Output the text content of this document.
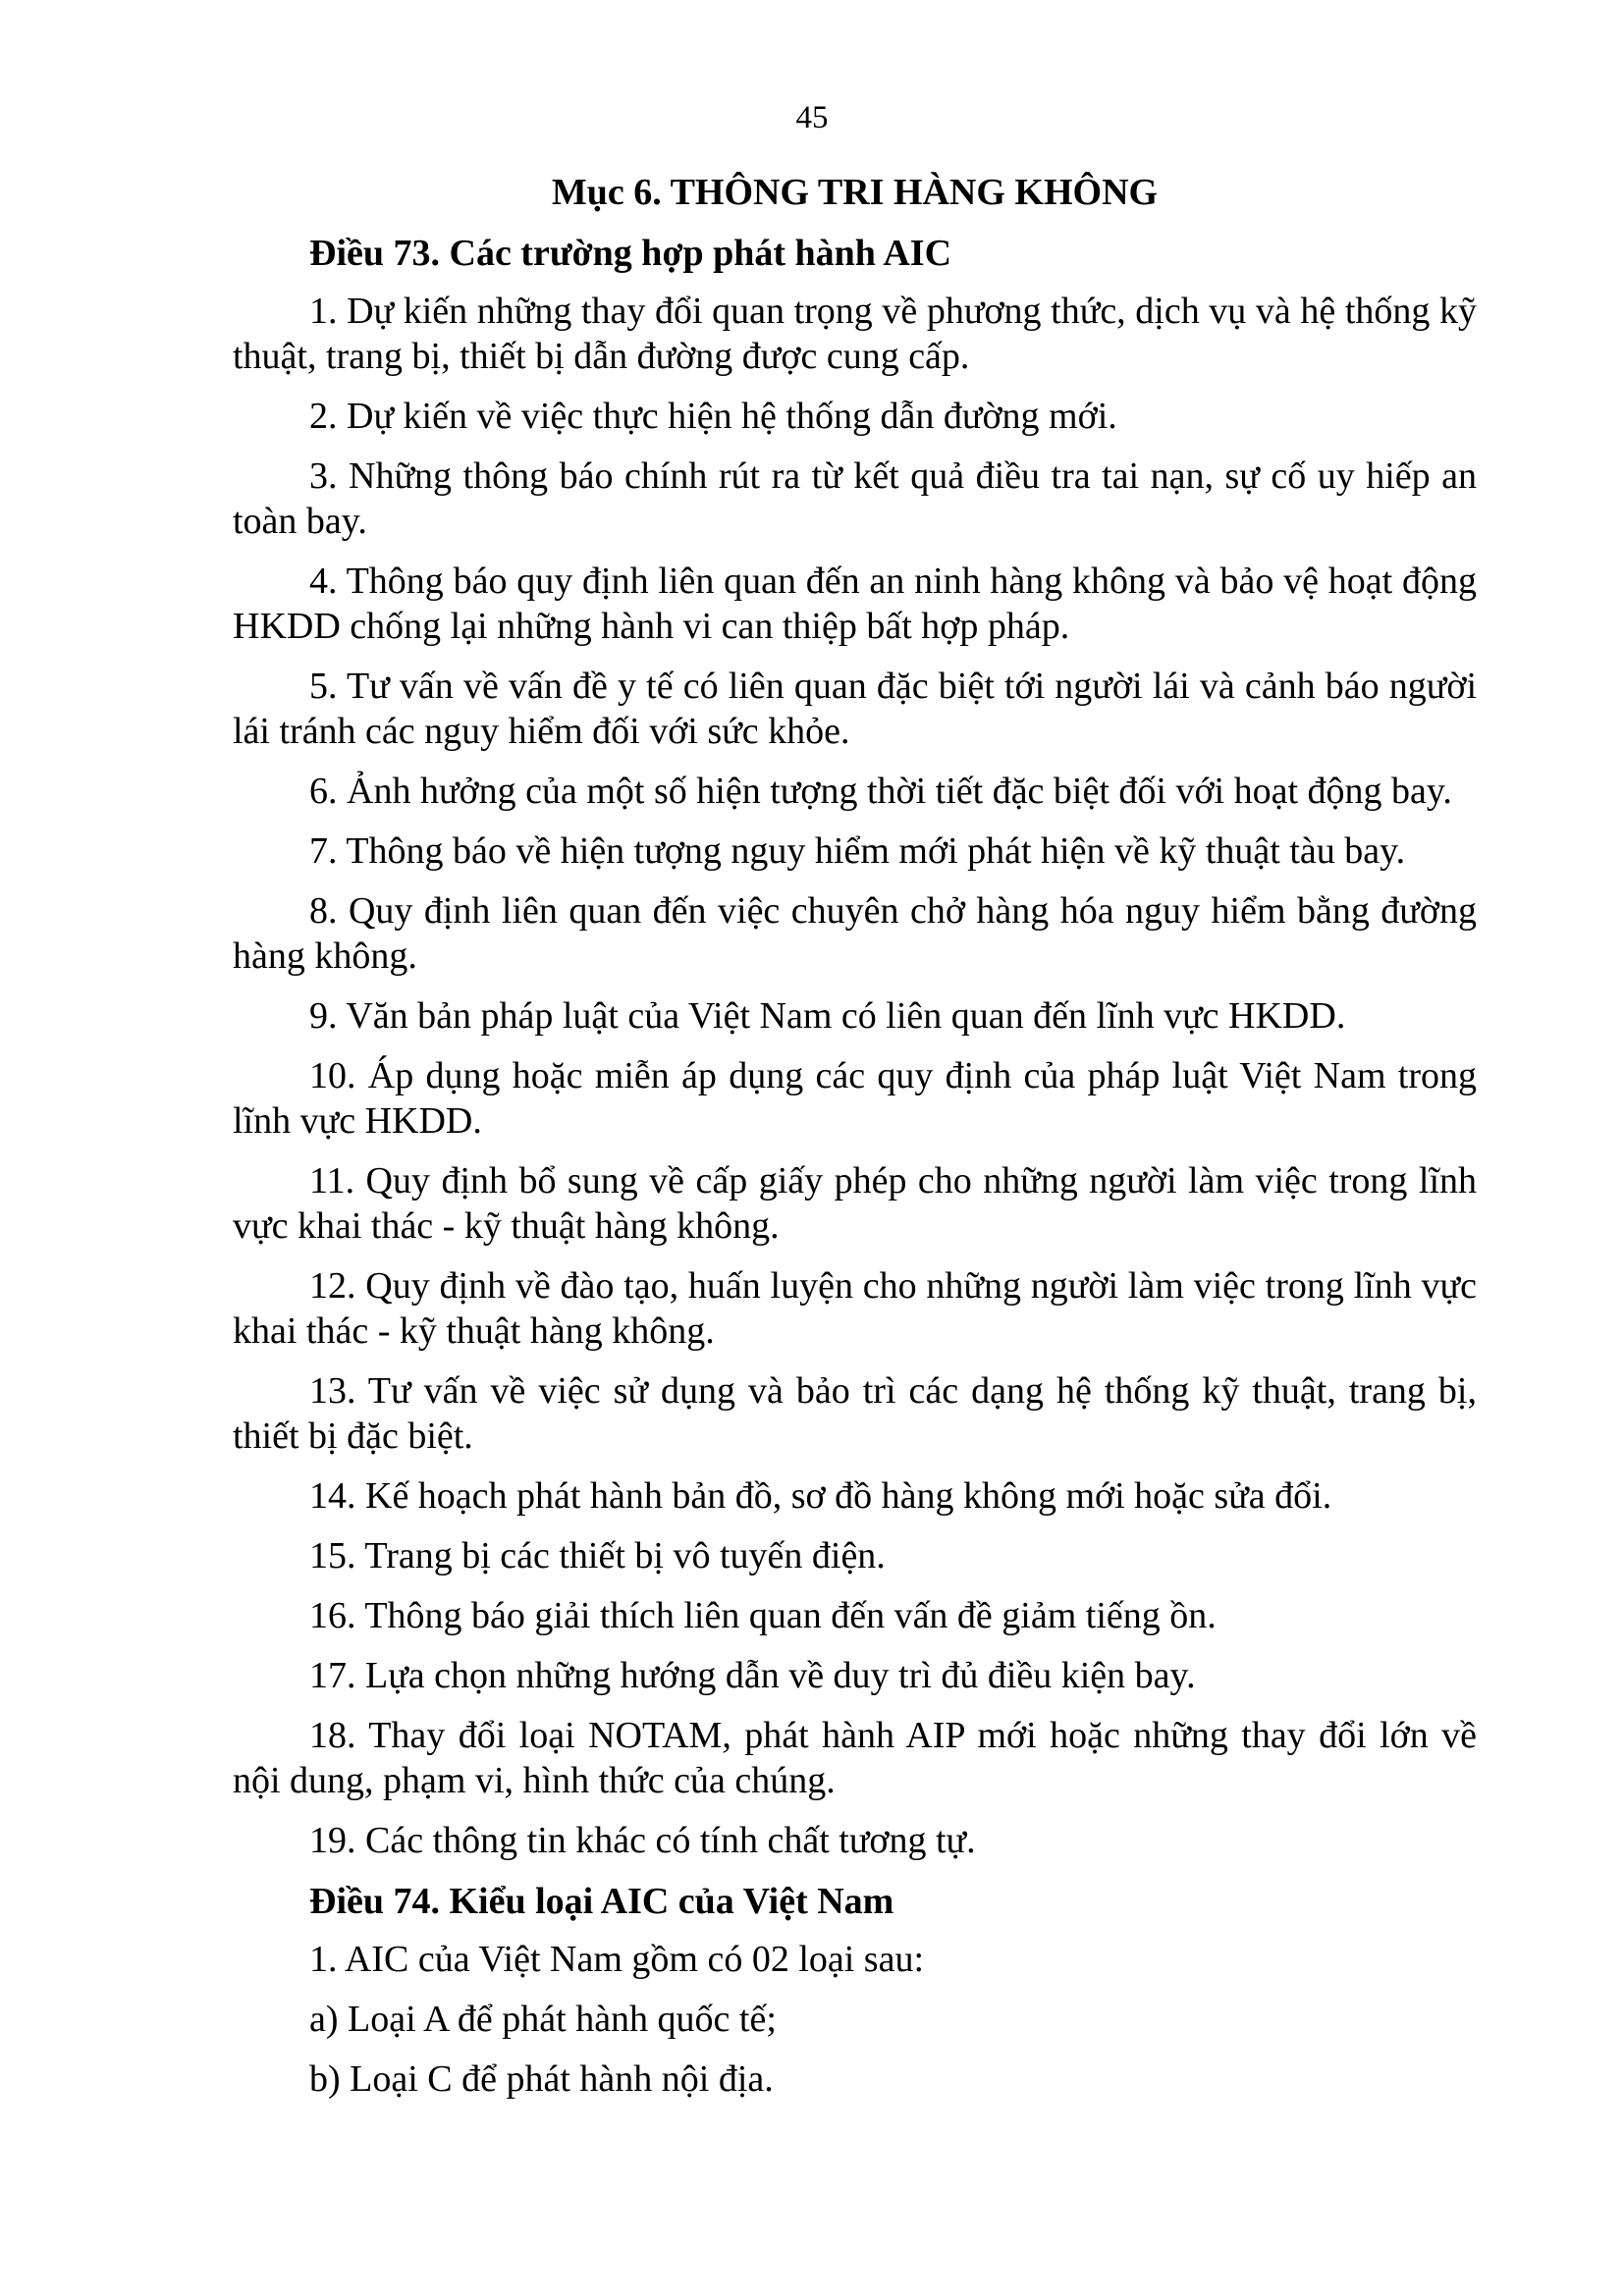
45
Mục 6. THÔNG TRI HÀNG KHÔNG
Điều 73. Các trường hợp phát hành AIC
1. Dự kiến những thay đổi quan trọng về phương thức, dịch vụ và hệ thống kỹ thuật, trang bị, thiết bị dẫn đường được cung cấp.
2. Dự kiến về việc thực hiện hệ thống dẫn đường mới.
3. Những thông báo chính rút ra từ kết quả điều tra tai nạn, sự cố uy hiếp an toàn bay.
4. Thông báo quy định liên quan đến an ninh hàng không và bảo vệ hoạt động HKDD chống lại những hành vi can thiệp bất hợp pháp.
5. Tư vấn về vấn đề y tế có liên quan đặc biệt tới người lái và cảnh báo người lái tránh các nguy hiểm đối với sức khỏe.
6. Ảnh hưởng của một số hiện tượng thời tiết đặc biệt đối với hoạt động bay.
7. Thông báo về hiện tượng nguy hiểm mới phát hiện về kỹ thuật tàu bay.
8. Quy định liên quan đến việc chuyên chở hàng hóa nguy hiểm bằng đường hàng không.
9. Văn bản pháp luật của Việt Nam có liên quan đến lĩnh vực HKDD.
10. Áp dụng hoặc miễn áp dụng các quy định của pháp luật Việt Nam trong lĩnh vực HKDD.
11. Quy định bổ sung về cấp giấy phép cho những người làm việc trong lĩnh vực khai thác - kỹ thuật hàng không.
12. Quy định về đào tạo, huấn luyện cho những người làm việc trong lĩnh vực khai thác - kỹ thuật hàng không.
13. Tư vấn về việc sử dụng và bảo trì các dạng hệ thống kỹ thuật, trang bị, thiết bị đặc biệt.
14. Kế hoạch phát hành bản đồ, sơ đồ hàng không mới hoặc sửa đổi.
15. Trang bị các thiết bị vô tuyến điện.
16. Thông báo giải thích liên quan đến vấn đề giảm tiếng ồn.
17. Lựa chọn những hướng dẫn về duy trì đủ điều kiện bay.
18. Thay đổi loại NOTAM, phát hành AIP mới hoặc những thay đổi lớn về nội dung, phạm vi, hình thức của chúng.
19. Các thông tin khác có tính chất tương tự.
Điều 74. Kiểu loại AIC của Việt Nam
1. AIC của Việt Nam gồm có 02 loại sau:
a) Loại A để phát hành quốc tế;
b) Loại C để phát hành nội địa.
